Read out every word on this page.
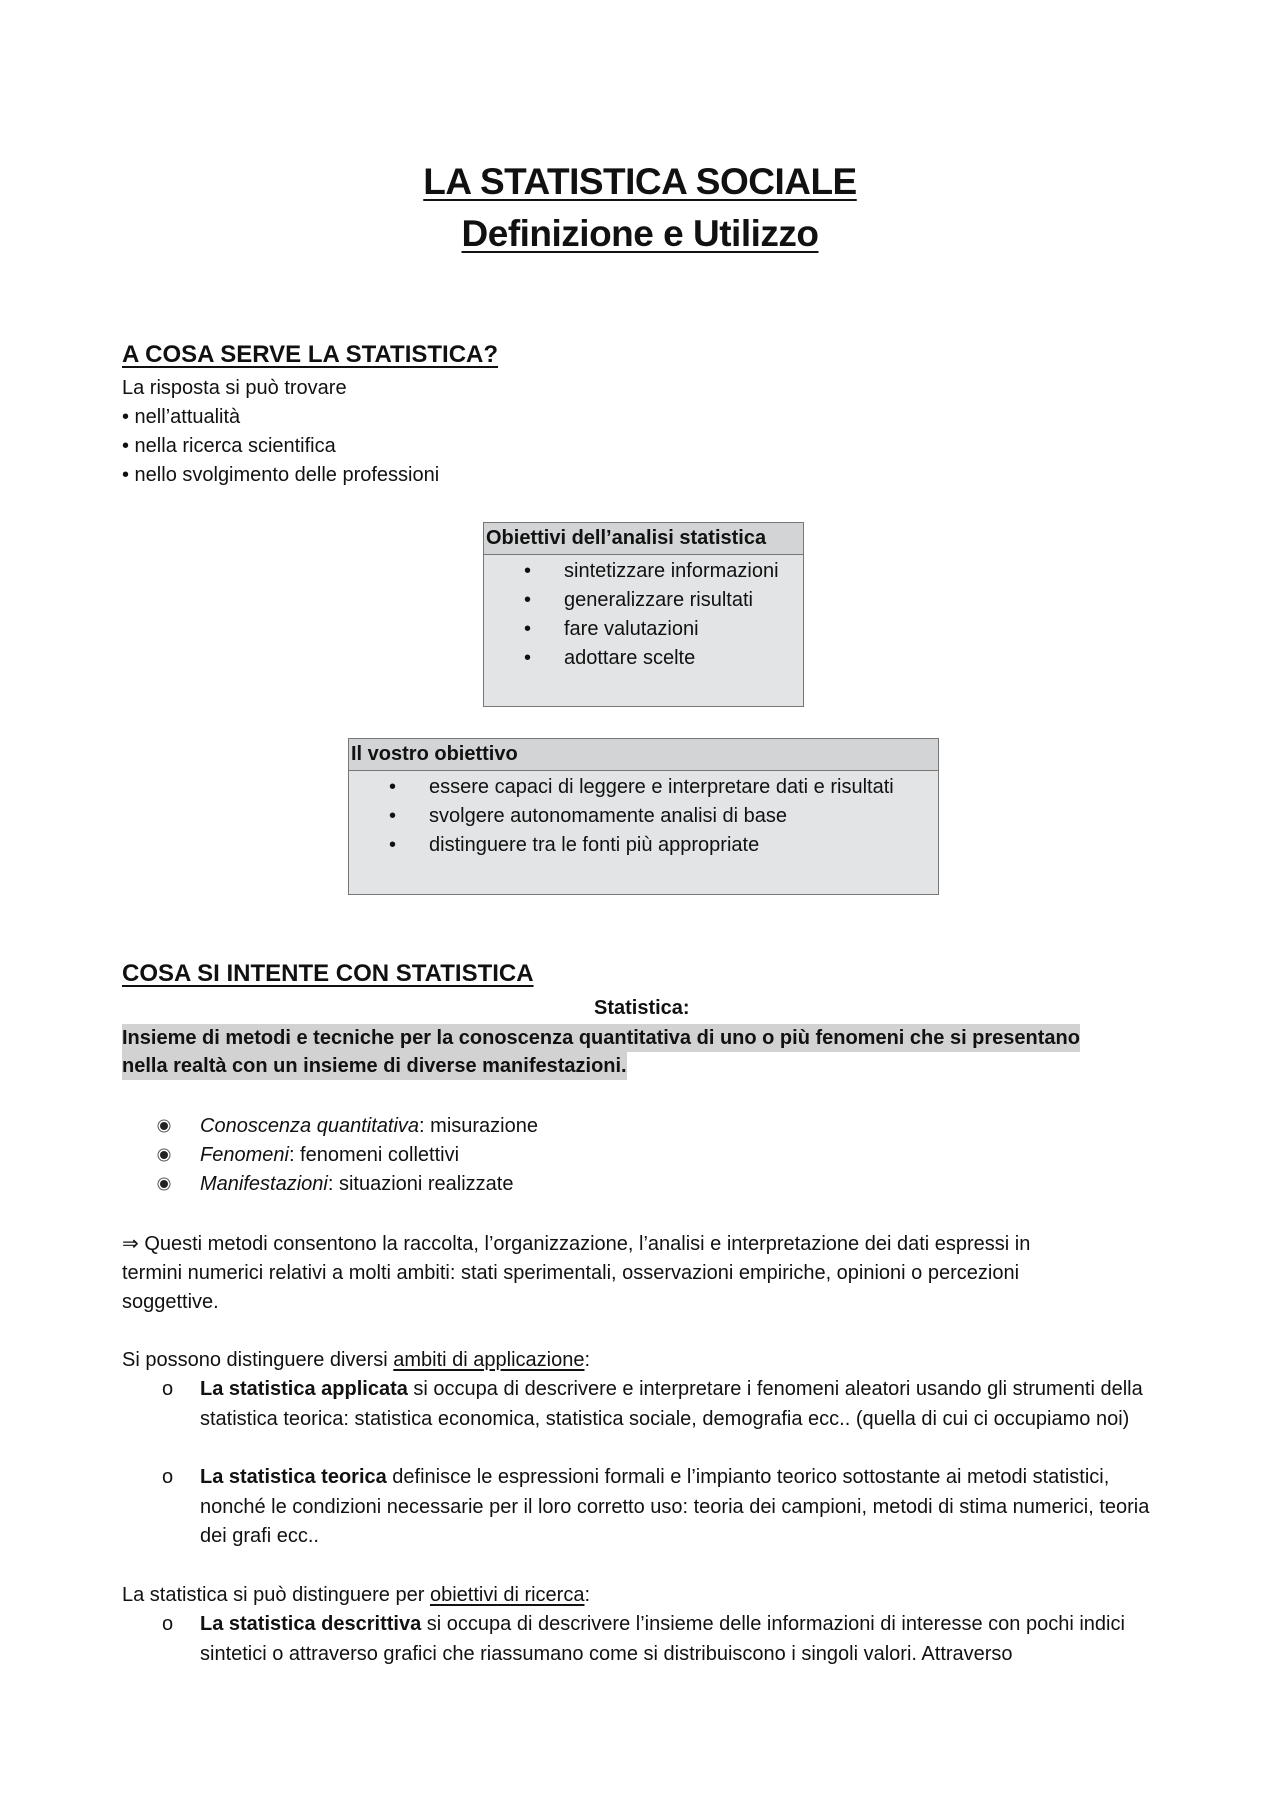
LA STATISTICA SOCIALE
Definizione e Utilizzo
A COSA SERVE LA STATISTICA?
La risposta si può trovare
• nell’attualità
• nella ricerca scientifica
• nello svolgimento delle professioni
Obiettivi dell’analisi statistica
• sintetizzare informazioni
• generalizzare risultati
• fare valutazioni
• adottare scelte
Il vostro obiettivo
• essere capaci di leggere e interpretare dati e risultati
• svolgere autonomamente analisi di base
• distinguere tra le fonti più appropriate
COSA SI INTENTE CON STATISTICA
Statistica:
Insieme di metodi e tecniche per la conoscenza quantitativa di uno o più fenomeni che si presentano
nella realtà con un insieme di diverse manifestazioni.
Conoscenza quantitativa: misurazione
Fenomeni: fenomeni collettivi
Manifestazioni: situazioni realizzate
⇒ Questi metodi consentono la raccolta, l’organizzazione, l’analisi e interpretazione dei dati espressi in
termini numerici relativi a molti ambiti: stati sperimentali, osservazioni empiriche, opinioni o percezioni
soggettive.
Si possono distinguere diversi ambiti di applicazione:
o La statistica applicata si occupa di descrivere e interpretare i fenomeni aleatori usando gli strumenti della statistica teorica: statistica economica, statistica sociale, demografia ecc.. (quella di cui ci occupiamo noi)
o La statistica teorica definisce le espressioni formali e l’impianto teorico sottostante ai metodi statistici, nonché le condizioni necessarie per il loro corretto uso: teoria dei campioni, metodi di stima numerici, teoria dei grafi ecc..
La statistica si può distinguere per obiettivi di ricerca:
o La statistica descrittiva si occupa di descrivere l’insieme delle informazioni di interesse con pochi indici sintetici o attraverso grafici che riassumano come si distribuiscono i singoli valori. Attraverso
